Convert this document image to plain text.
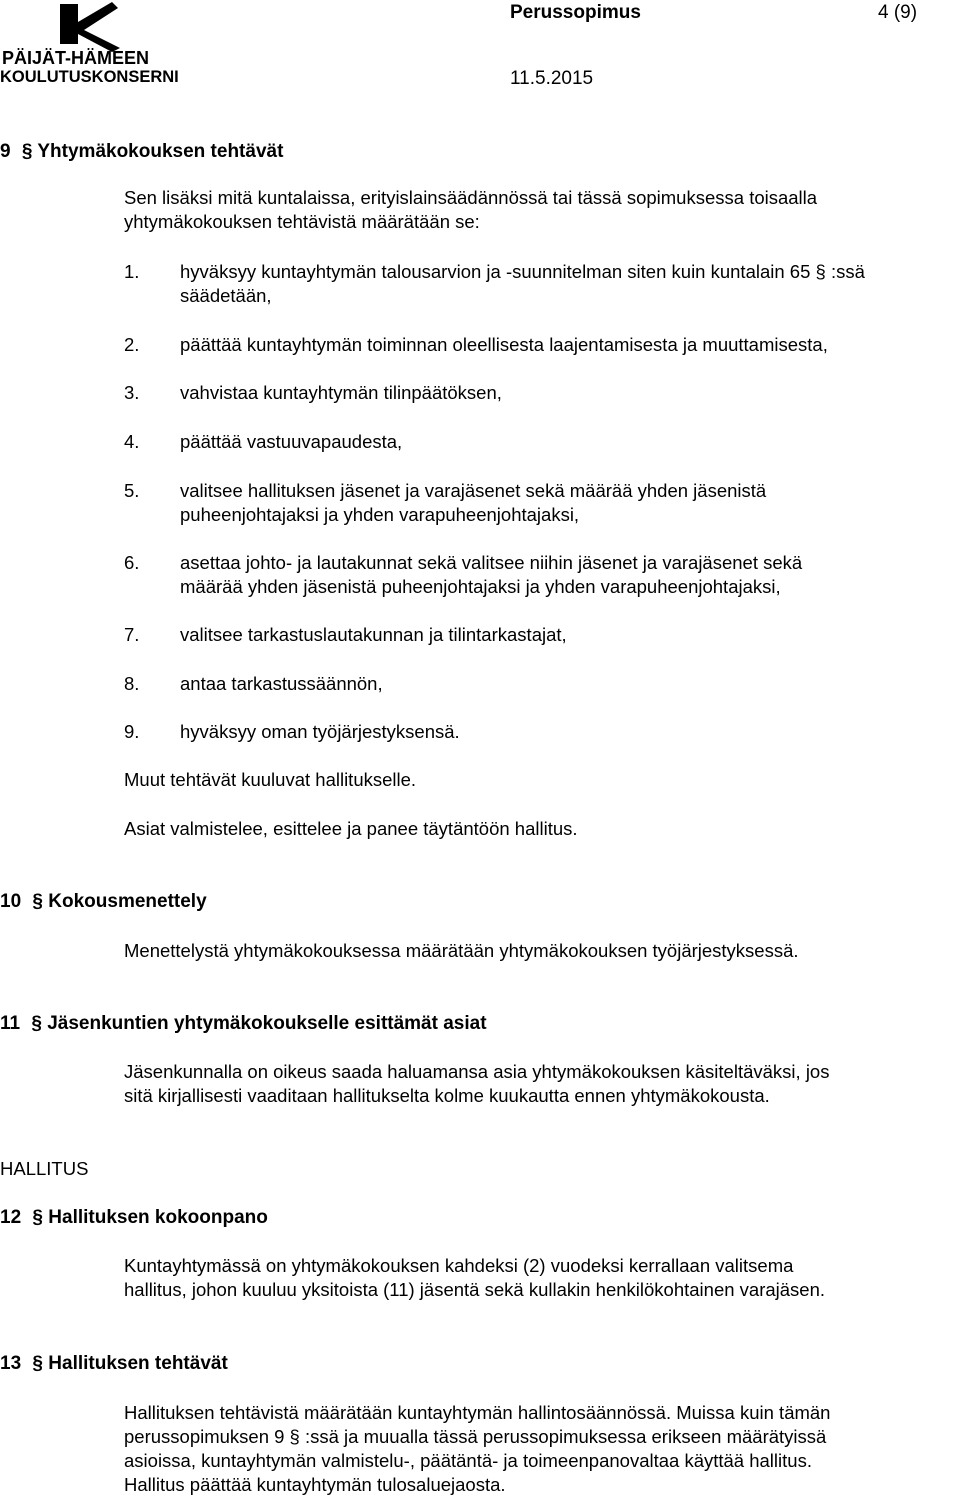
PÄIJÄT-HÄMEEN
KOULUTUSKONSERNI
Perussopimus	4 (9)
11.5.2015
9 § Yhtymäkokouksen tehtävät
Sen lisäksi mitä kuntalaissa, erityislainsäädännössä tai tässä sopimuksessa toisaalla
yhtymäkokouksen tehtävistä määrätään se:
1. hyväksyy kuntayhtymän talousarvion ja -suunnitelman siten kuin kuntalain 65 § :ssä
säädetään,
2. päättää kuntayhtymän toiminnan oleellisesta laajentamisesta ja muuttamisesta,
3. vahvistaa kuntayhtymän tilinpäätöksen,
4. päättää vastuuvapaudesta,
5. valitsee hallituksen jäsenet ja varajäsenet sekä määrää yhden jäsenistä
puheenjohtajaksi ja yhden varapuheenjohtajaksi,
6. asettaa johto- ja lautakunnat sekä valitsee niihin jäsenet ja varajäsenet sekä
määrää yhden jäsenistä puheenjohtajaksi ja yhden varapuheenjohtajaksi,
7. valitsee tarkastuslautakunnan ja tilintarkastajat,
8. antaa tarkastussäännön,
9. hyväksyy oman työjärjestyksensä.
Muut tehtävät kuuluvat hallitukselle.
Asiat valmistelee, esittelee ja panee täytäntöön hallitus.
10 § Kokousmenettely
Menettelystä yhtymäkokouksessa määrätään yhtymäkokouksen työjärjestyksessä.
11 § Jäsenkuntien yhtymäkokoukselle esittämät asiat
Jäsenkunnalla on oikeus saada haluamansa asia yhtymäkokouksen käsiteltäväksi, jos
sitä kirjallisesti vaaditaan hallitukselta kolme kuukautta ennen yhtymäkokousta.
HALLITUS
12 § Hallituksen kokoonpano
Kuntayhtymässä on yhtymäkokouksen kahdeksi (2) vuodeksi kerrallaan valitsema
hallitus, johon kuuluu yksitoista (11) jäsentä sekä kullakin henkilökohtainen varajäsen.
13 § Hallituksen tehtävät
Hallituksen tehtävistä määrätään kuntayhtymän hallintosäännössä. Muissa kuin tämän
perussopimuksen 9 § :ssä ja muualla tässä perussopimuksessa erikseen määrätyissä
asioissa, kuntayhtymän valmistelu-, päätäntä- ja toimeenpanovaltaa käyttää hallitus.
Hallitus päättää kuntayhtymän tulosaluejaosta.
